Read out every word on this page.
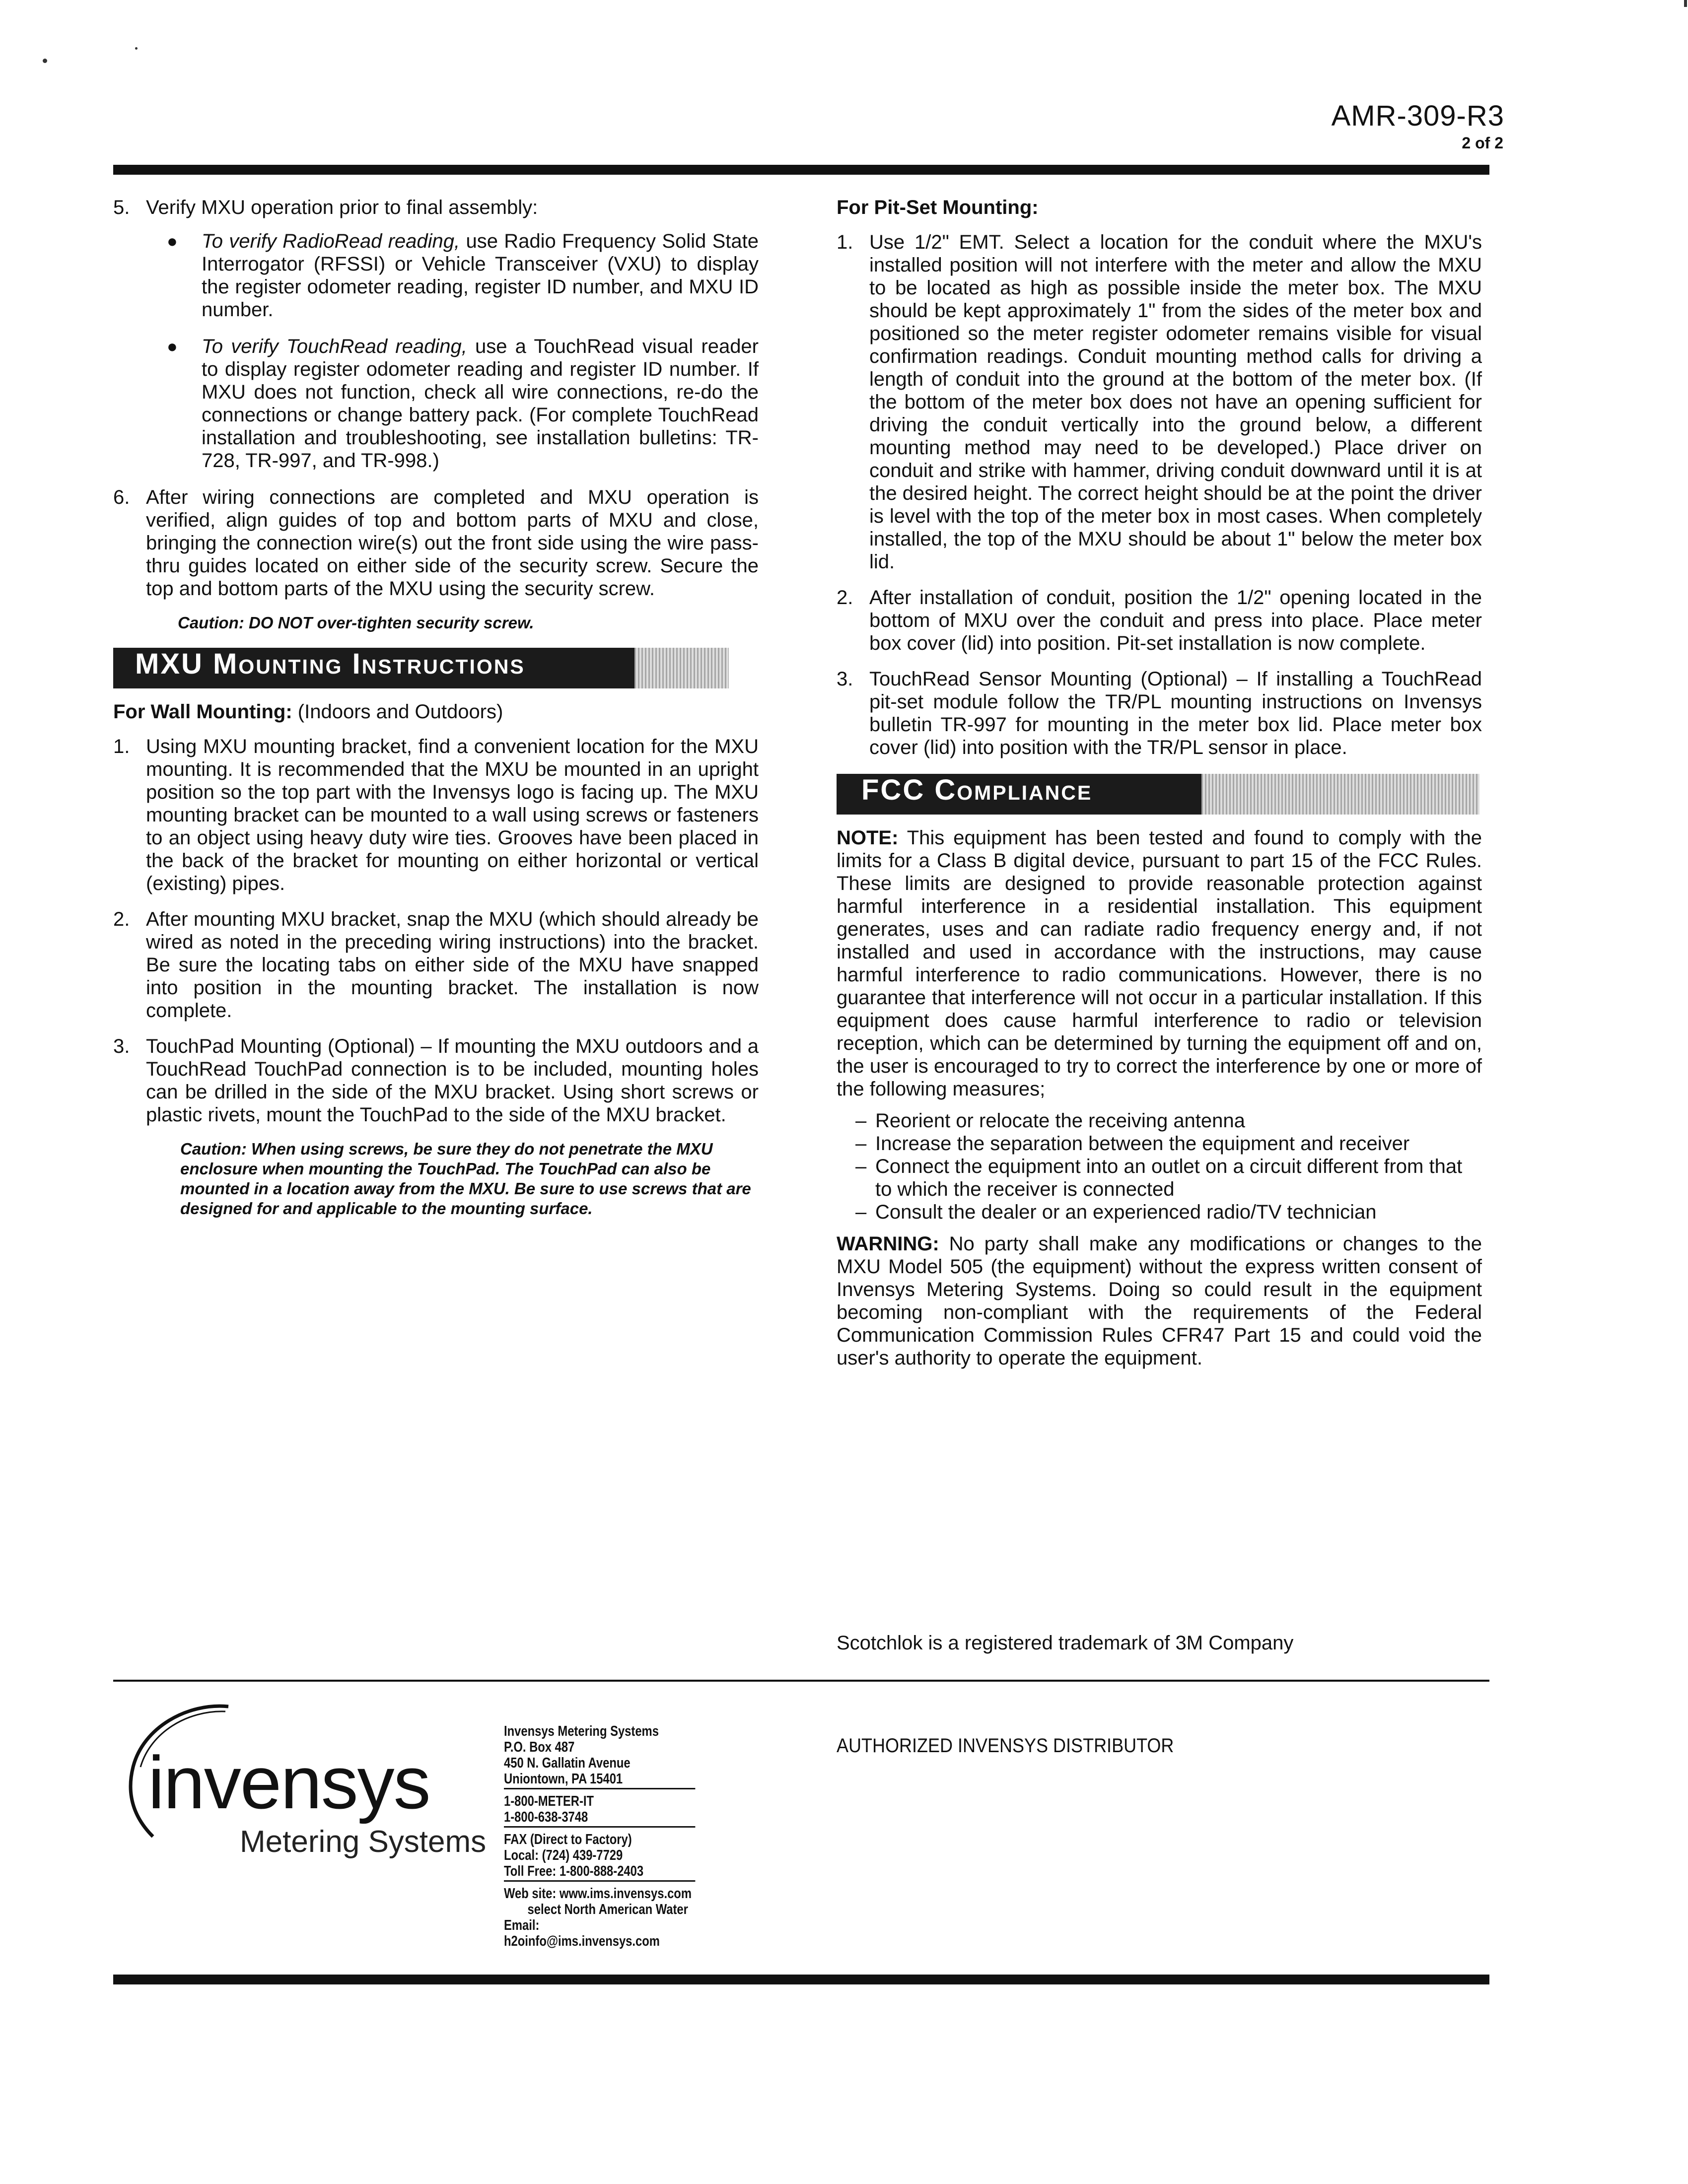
AMR-309-R3
2 of 2
5. Verify MXU operation prior to final assembly:
● To verify RadioRead reading, use Radio Frequency Solid State Interrogator (RFSSI) or Vehicle Transceiver (VXU) to display the register odometer reading, register ID number, and MXU ID number.
● To verify TouchRead reading, use a TouchRead visual reader to display register odometer reading and register ID number. If MXU does not function, check all wire connections, re-do the connections or change battery pack. (For complete TouchRead installation and troubleshooting, see installation bulletins: TR-728, TR-997, and TR-998.)
6. After wiring connections are completed and MXU operation is verified, align guides of top and bottom parts of MXU and close, bringing the connection wire(s) out the front side using the wire pass-thru guides located on either side of the security screw. Secure the top and bottom parts of the MXU using the security screw.
Caution: DO NOT over-tighten security screw.
MXU Mounting Instructions
For Wall Mounting: (Indoors and Outdoors)
1. Using MXU mounting bracket, find a convenient location for the MXU mounting. It is recommended that the MXU be mounted in an upright position so the top part with the Invensys logo is facing up. The MXU mounting bracket can be mounted to a wall using screws or fasteners to an object using heavy duty wire ties. Grooves have been placed in the back of the bracket for mounting on either horizontal or vertical (existing) pipes.
2. After mounting MXU bracket, snap the MXU (which should already be wired as noted in the preceding wiring instructions) into the bracket. Be sure the locating tabs on either side of the MXU have snapped into position in the mounting bracket. The installation is now complete.
3. TouchPad Mounting (Optional) – If mounting the MXU outdoors and a TouchRead TouchPad connection is to be included, mounting holes can be drilled in the side of the MXU bracket. Using short screws or plastic rivets, mount the TouchPad to the side of the MXU bracket.
Caution: When using screws, be sure they do not penetrate the MXU enclosure when mounting the TouchPad. The TouchPad can also be mounted in a location away from the MXU. Be sure to use screws that are designed for and applicable to the mounting surface.
For Pit-Set Mounting:
1. Use 1/2" EMT. Select a location for the conduit where the MXU's installed position will not interfere with the meter and allow the MXU to be located as high as possible inside the meter box. The MXU should be kept approximately 1" from the sides of the meter box and positioned so the meter register odometer remains visible for visual confirmation readings. Conduit mounting method calls for driving a length of conduit into the ground at the bottom of the meter box. (If the bottom of the meter box does not have an opening sufficient for driving the conduit vertically into the ground below, a different mounting method may need to be developed.) Place driver on conduit and strike with hammer, driving conduit downward until it is at the desired height. The correct height should be at the point the driver is level with the top of the meter box in most cases. When completely installed, the top of the MXU should be about 1" below the meter box lid.
2. After installation of conduit, position the 1/2" opening located in the bottom of MXU over the conduit and press into place. Place meter box cover (lid) into position. Pit-set installation is now complete.
3. TouchRead Sensor Mounting (Optional) – If installing a TouchRead pit-set module follow the TR/PL mounting instructions on Invensys bulletin TR-997 for mounting in the meter box lid. Place meter box cover (lid) into position with the TR/PL sensor in place.
FCC Compliance
NOTE: This equipment has been tested and found to comply with the limits for a Class B digital device, pursuant to part 15 of the FCC Rules. These limits are designed to provide reasonable protection against harmful interference in a residential installation. This equipment generates, uses and can radiate radio frequency energy and, if not installed and used in accordance with the instructions, may cause harmful interference to radio communications. However, there is no guarantee that interference will not occur in a particular installation. If this equipment does cause harmful interference to radio or television reception, which can be determined by turning the equipment off and on, the user is encouraged to try to correct the interference by one or more of the following measures;
– Reorient or relocate the receiving antenna
– Increase the separation between the equipment and receiver
– Connect the equipment into an outlet on a circuit different from that to which the receiver is connected
– Consult the dealer or an experienced radio/TV technician
WARNING: No party shall make any modifications or changes to the MXU Model 505 (the equipment) without the express written consent of Invensys Metering Systems. Doing so could result in the equipment becoming non-compliant with the requirements of the Federal Communication Commission Rules CFR47 Part 15 and could void the user's authority to operate the equipment.
Scotchlok is a registered trademark of 3M Company
invensys
Metering Systems
Invensys Metering Systems
P.O. Box 487
450 N. Gallatin Avenue
Uniontown, PA 15401
1-800-METER-IT
1-800-638-3748
FAX (Direct to Factory)
Local: (724) 439-7729
Toll Free: 1-800-888-2403
Web site: www.ims.invensys.com
select North American Water
Email: h2oinfo@ims.invensys.com
AUTHORIZED INVENSYS DISTRIBUTOR
